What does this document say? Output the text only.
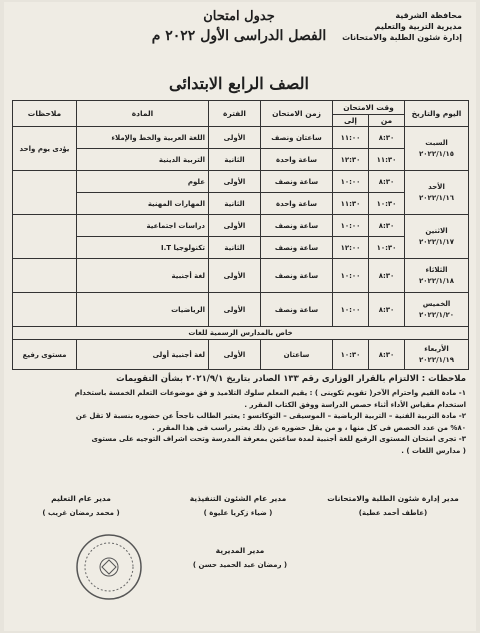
محافظة الشرقية
مديرية التربية والتعليم
إدارة شئون الطلبة والامتحانات
جدول امتحان
الفصل الدراسى الأول ٢٠٢٢ م
الصف الرابع الابتدائى
اليوم والتاريخ	وقت الامتحان		زمن الامتحان	الفترة	المادة	ملاحظات
	من	إلى				

السبت
٢٠٢٢/١/١٥	٨:٣٠	١١:٠٠	ساعتان ونصف	الأولى	اللغة العربية والخط والإملاء	يؤدى يوم واحد
	١١:٣٠	١٢:٣٠	ساعة واحدة	الثانية	التربية الدينية	

الأحد
٢٠٢٢/١/١٦	٨:٣٠	١٠:٠٠	ساعة ونصف	الأولى	علوم	
	١٠:٣٠	١١:٣٠	ساعة واحدة	الثانية	المهارات المهنية	

الاثنين
٢٠٢٢/١/١٧	٨:٣٠	١٠:٠٠	ساعة ونصف	الأولى	دراسات اجتماعية	
	١٠:٣٠	١٢:٠٠	ساعة ونصف	الثانية	تكنولوجيا I.T	

الثلاثاء
٢٠٢٢/١/١٨	٨:٣٠	١٠:٠٠	ساعة ونصف	الأولى	لغة أجنبية	

الخميس
٢٠٢٢/١/٢٠	٨:٣٠	١٠:٠٠	ساعة ونصف	الأولى	الرياضيات	
خاص بالمدارس الرسمية للغات						

الأربعاء
٢٠٢٢/١/١٩	٨:٣٠	١٠:٣٠	ساعتان	الأولى	لغة أجنبية أولى	مستوى رفيع
ملاحظات : الالتزام بالقرار الوزارى رقم ١٣٣ الصادر بتاريخ ٢٠٢١/٩/١ بشأن التقويمات
١- مادة القيم واحترام الآخر( تقويم تكوينى ) : يقيم المعلم سلوك التلاميذ و فق موضوعات التعلم الخمسة باستخدام
استخدام مقياس الأداء أثناء حصص الدراسة ووفق الكتاب المقرر .
٢- مادة التربية الفنية – التربية الرياضية – الموسيقى – التوكاتسو : يعتبر الطالب ناجحاً عن حضوره بنسبة لا تقل عن
٨٠% من عدد الحصص فى كل منها ، و من يقل حضوره عن ذلك يعتبر راسب فى هذا المقرر .
٣- تجرى امتحان المستوى الرفيع للغة أجنبية لمدة ساعتين بمعرفة المدرسة وتحت اشراف التوجيه على مستوى
( مدارس اللغات ) .
مدير إدارة شئون الطلبة والامتحانات
(عاطف أحمد عطية)
مدير عام الشئون التنفيذية
( ضياء زكريا عليوة )
مدير عام التعليم
( محمد رمضان غريب )
مدير المديرية
( رمضان عبد الحميد حسن )
